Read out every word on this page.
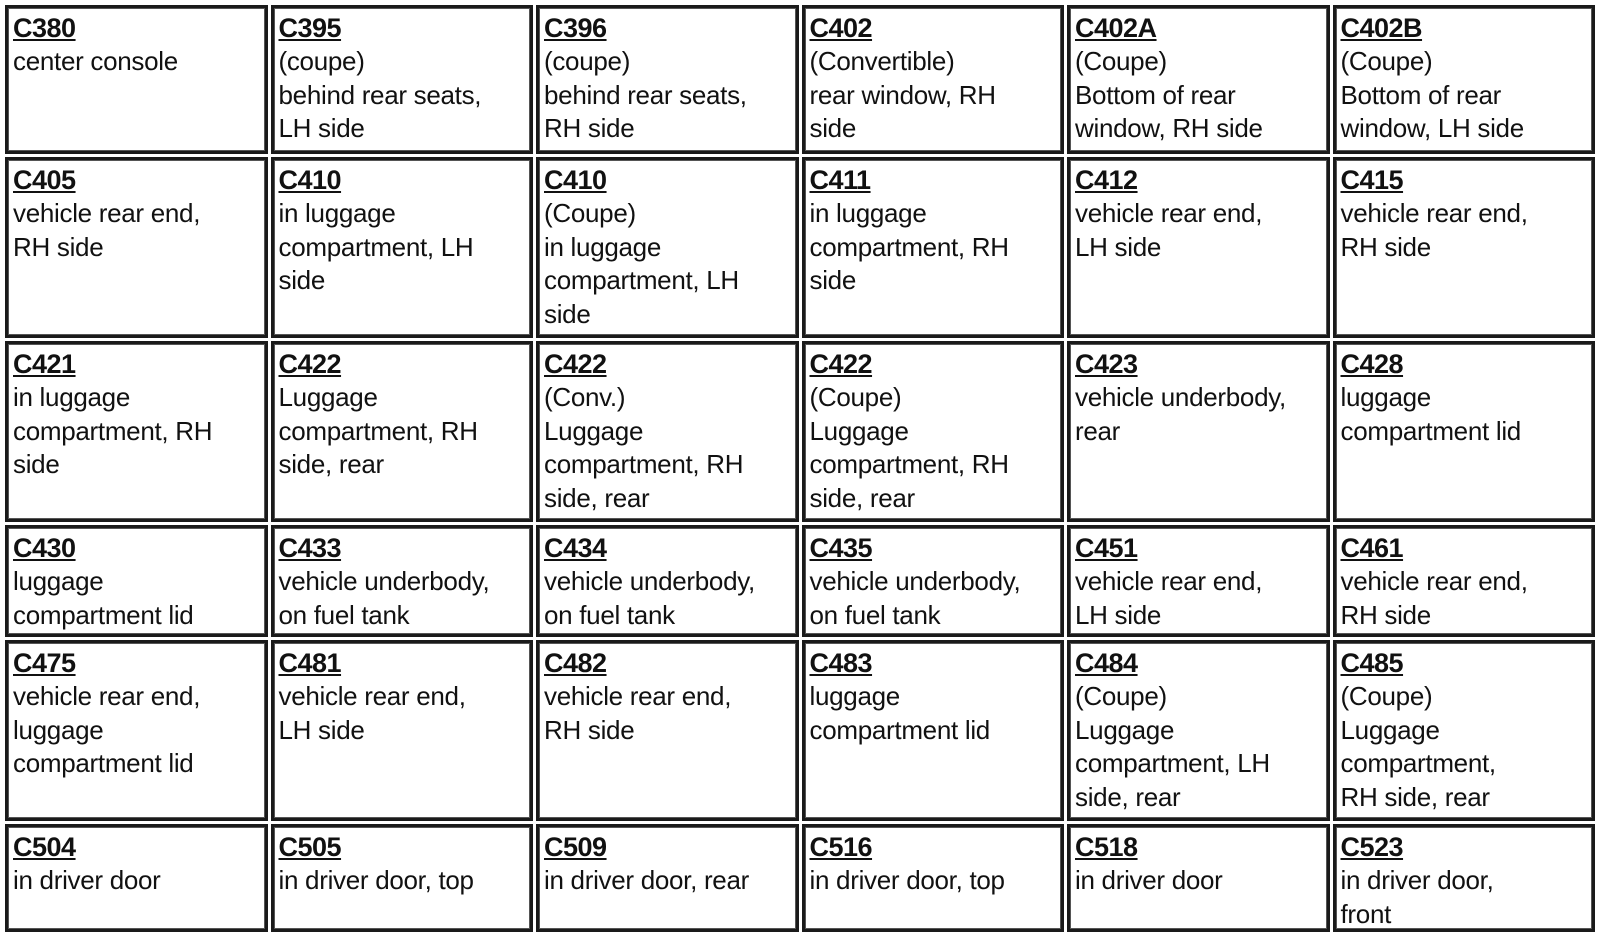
C380
center console
C395
(coupe)
behind rear seats,
LH side
C396
(coupe)
behind rear seats,
RH side
C402
(Convertible)
rear window, RH
side
C402A
(Coupe)
Bottom of rear
window, RH side
C402B
(Coupe)
Bottom of rear
window, LH side
C405
vehicle rear end,
RH side
C410
in luggage
compartment, LH
side
C410
(Coupe)
in luggage
compartment, LH
side
C411
in luggage
compartment, RH
side
C412
vehicle rear end,
LH side
C415
vehicle rear end,
RH side
C421
in luggage
compartment, RH
side
C422
Luggage
compartment, RH
side, rear
C422
(Conv.)
Luggage
compartment, RH
side, rear
C422
(Coupe)
Luggage
compartment, RH
side, rear
C423
vehicle underbody,
rear
C428
luggage
compartment lid
C430
luggage
compartment lid
C433
vehicle underbody,
on fuel tank
C434
vehicle underbody,
on fuel tank
C435
vehicle underbody,
on fuel tank
C451
vehicle rear end,
LH side
C461
vehicle rear end,
RH side
C475
vehicle rear end,
luggage
compartment lid
C481
vehicle rear end,
LH side
C482
vehicle rear end,
RH side
C483
luggage
compartment lid
C484
(Coupe)
Luggage
compartment, LH
side, rear
C485
(Coupe)
Luggage
compartment,
RH side, rear
C504
in driver door
C505
in driver door, top
C509
in driver door, rear
C516
in driver door, top
C518
in driver door
C523
in driver door,
front
